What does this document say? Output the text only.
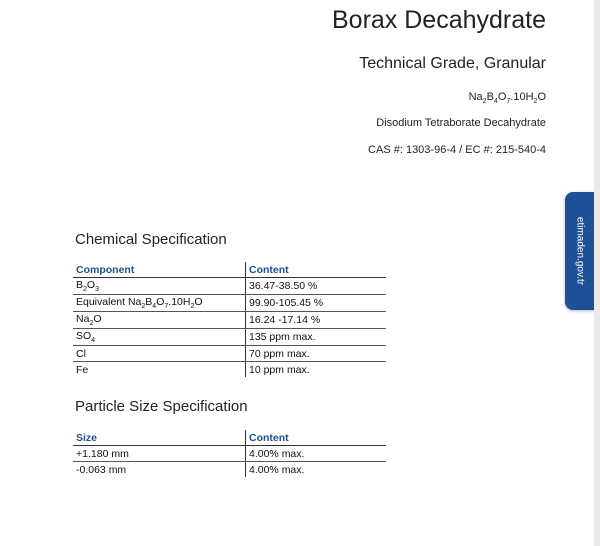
Borax Decahydrate
Technical Grade, Granular
$Na_2B_4O_7.10H_2O$
Disodium Tetraborate Decahydrate
CAS #: 1303-96-4 / EC #: 215-540-4
Chemical Specification
Component	Content
$B_2O_3$	36.47-38.50 %
Equivalent $Na_2B_4O_7.10H_2O$	99.90-105.45 %
$Na_2O$	16.24 -17.14 %
$SO_4$	135 ppm max.
Cl	70 ppm max.
Fe	10 ppm max.
Particle Size Specification
Size	Content
+1.180 mm	4.00% max.
-0.063 mm	4.00% max.
etimaden.gov.tr
